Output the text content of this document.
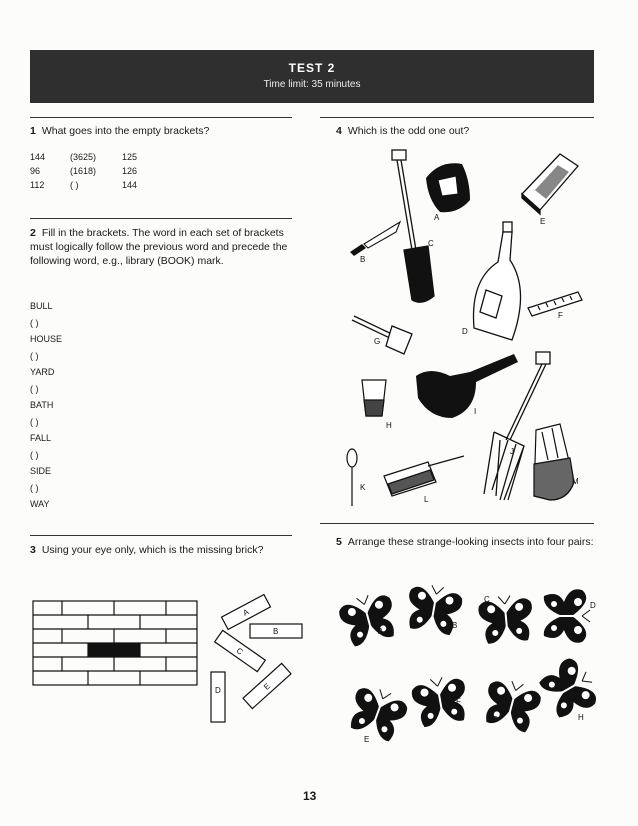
TEST 2
Time limit: 35 minutes
1 What goes into the empty brackets?
144	(3625)	125
96	(1618)	126
112	( )	144
2 Fill in the brackets. The word in each set of brackets must logically follow the previous word and precede the following word, e.g., library (BOOK) mark.
BULL
( )
HOUSE
( )
YARD
( )
BATH
( )
FALL
( )
SIDE
( )
WAY
3 Using your eye only, which is the missing brick?
A
B
C
D	E
4 Which is the odd one out?
C
A	E
B
D
F
G
H
I
J
K
L
M
5 Arrange these strange-looking insects into four pairs:
A
B
C
D
E
F
G	H
13
